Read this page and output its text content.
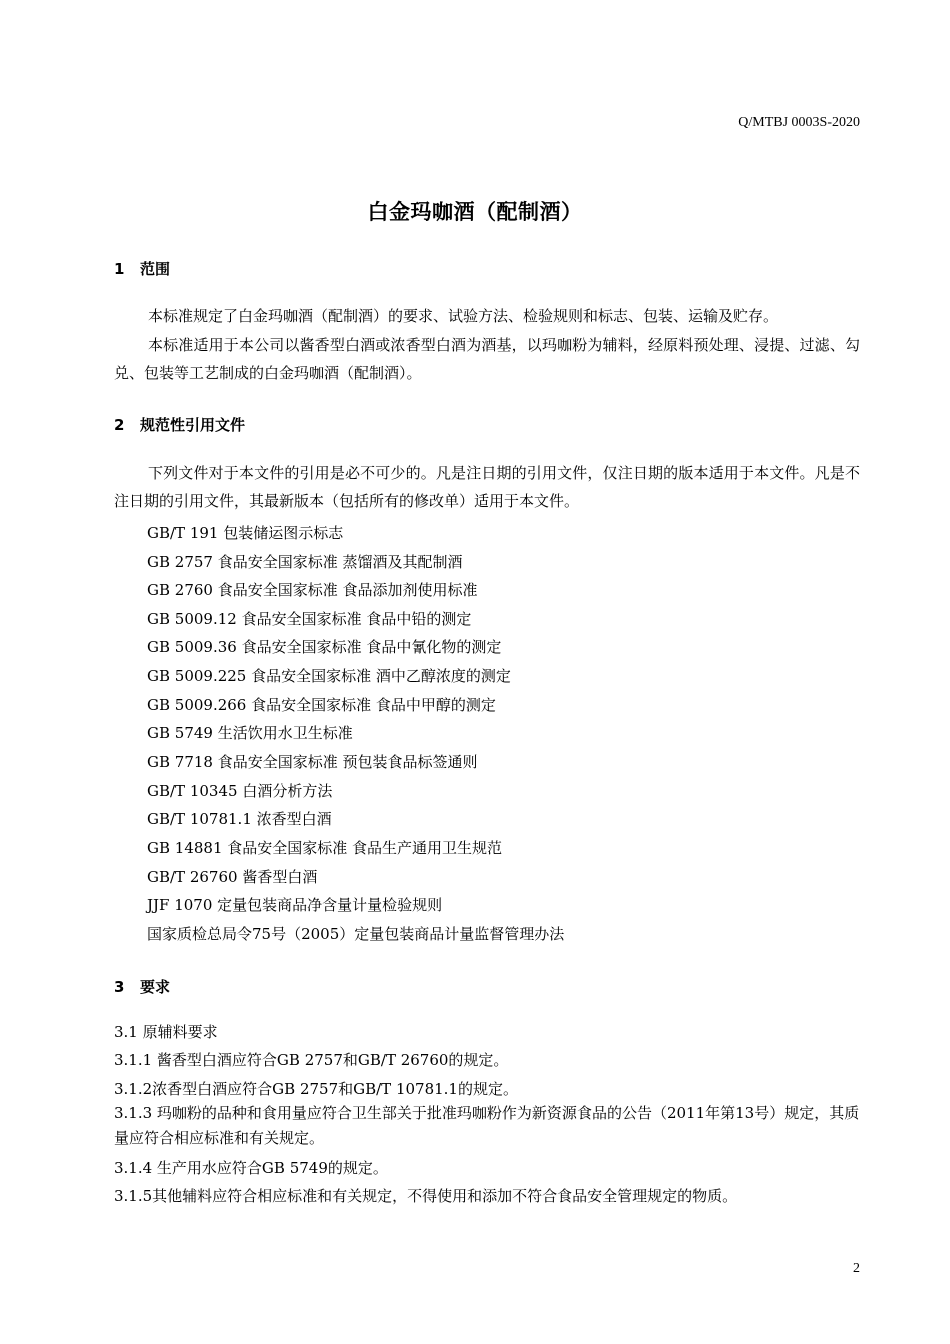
Q/MTBJ 0003S-2020
白金玛咖酒（配制酒）
1 范围
本标准规定了白金玛咖酒（配制酒）的要求、试验方法、检验规则和标志、包装、运输及贮存。
本标准适用于本公司以酱香型白酒或浓香型白酒为酒基，以玛咖粉为辅料，经原料预处理、浸提、过滤、勾兑、包装等工艺制成的白金玛咖酒（配制酒）。
2 规范性引用文件
下列文件对于本文件的引用是必不可少的。凡是注日期的引用文件，仅注日期的版本适用于本文件。凡是不注日期的引用文件，其最新版本（包括所有的修改单）适用于本文件。
GB/T 191 包装储运图示标志
GB 2757 食品安全国家标准 蒸馏酒及其配制酒
GB 2760 食品安全国家标准 食品添加剂使用标准
GB 5009.12 食品安全国家标准 食品中铅的测定
GB 5009.36 食品安全国家标准 食品中氰化物的测定
GB 5009.225 食品安全国家标准 酒中乙醇浓度的测定
GB 5009.266 食品安全国家标准 食品中甲醇的测定
GB 5749 生活饮用水卫生标准
GB 7718 食品安全国家标准 预包装食品标签通则
GB/T 10345 白酒分析方法
GB/T 10781.1 浓香型白酒
GB 14881 食品安全国家标准 食品生产通用卫生规范
GB/T 26760 酱香型白酒
JJF 1070 定量包装商品净含量计量检验规则
国家质检总局令75号（2005）定量包装商品计量监督管理办法
3 要求
3.1 原辅料要求
3.1.1 酱香型白酒应符合GB 2757和GB/T 26760的规定。
3.1.2浓香型白酒应符合GB 2757和GB/T 10781.1的规定。
3.1.3 玛咖粉的品种和食用量应符合卫生部关于批准玛咖粉作为新资源食品的公告（2011年第13号）规定，其质量应符合相应标准和有关规定。
3.1.4 生产用水应符合GB 5749的规定。
3.1.5其他辅料应符合相应标准和有关规定，不得使用和添加不符合食品安全管理规定的物质。
2
